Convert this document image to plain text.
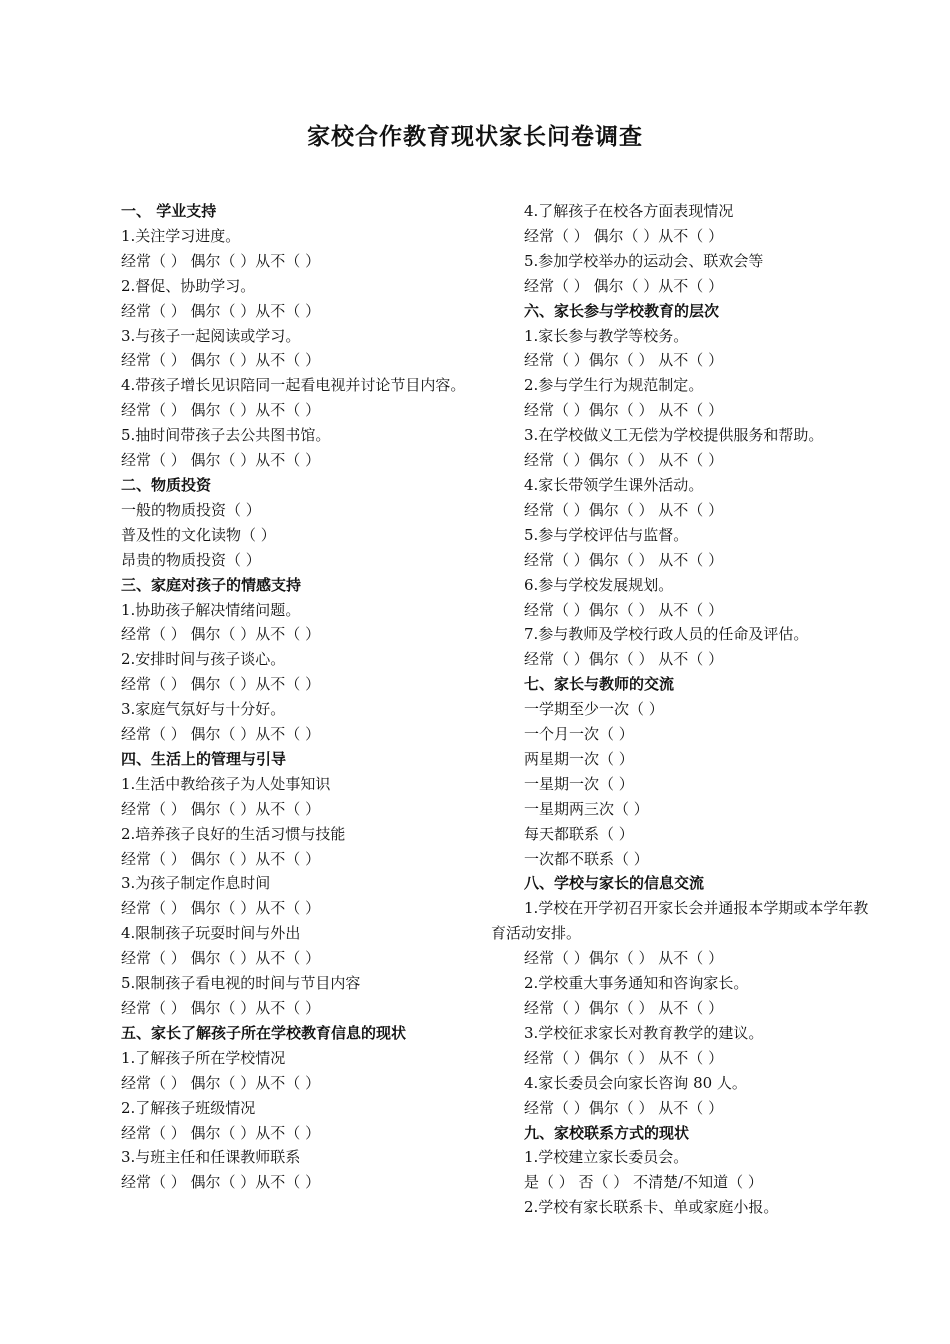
家校合作教育现状家长问卷调查
一、 学业支持
1.关注学习进度。
经常（ ） 偶尔（ ）从不（ ）
2.督促、协助学习。
经常（ ） 偶尔（ ）从不（ ）
3.与孩子一起阅读或学习。
经常（ ） 偶尔（ ）从不（ ）
4.带孩子增长见识陪同一起看电视并讨论节目内容。
经常（ ） 偶尔（ ）从不（ ）
5.抽时间带孩子去公共图书馆。
经常（ ） 偶尔（ ）从不（ ）
二、物质投资
一般的物质投资（ ）
普及性的文化读物（ ）
昂贵的物质投资（ ）
三、家庭对孩子的情感支持
1.协助孩子解决情绪问题。
经常（ ） 偶尔（ ）从不（ ）
2.安排时间与孩子谈心。
经常（ ） 偶尔（ ）从不（ ）
3.家庭气氛好与十分好。
经常（ ） 偶尔（ ）从不（ ）
四、生活上的管理与引导
1.生活中教给孩子为人处事知识
经常（ ） 偶尔（ ）从不（ ）
2.培养孩子良好的生活习惯与技能
经常（ ） 偶尔（ ）从不（ ）
3.为孩子制定作息时间
经常（ ） 偶尔（ ）从不（ ）
4.限制孩子玩耍时间与外出
经常（ ） 偶尔（ ）从不（ ）
5.限制孩子看电视的时间与节目内容
经常（ ） 偶尔（ ）从不（ ）
五、家长了解孩子所在学校教育信息的现状
1.了解孩子所在学校情况
经常（ ） 偶尔（ ）从不（ ）
2.了解孩子班级情况
经常（ ） 偶尔（ ）从不（ ）
3.与班主任和任课教师联系
经常（ ） 偶尔（ ）从不（ ）
4.了解孩子在校各方面表现情况
经常（ ） 偶尔（ ）从不（ ）
5.参加学校举办的运动会、联欢会等
经常（ ） 偶尔（ ）从不（ ）
六、家长参与学校教育的层次
1.家长参与教学等校务。
经常（ ）偶尔（ ） 从不（ ）
2.参与学生行为规范制定。
经常（ ）偶尔（ ） 从不（ ）
3.在学校做义工无偿为学校提供服务和帮助。
经常（ ）偶尔（ ） 从不（ ）
4.家长带领学生课外活动。
经常（ ）偶尔（ ） 从不（ ）
5.参与学校评估与监督。
经常（ ）偶尔（ ） 从不（ ）
6.参与学校发展规划。
经常（ ）偶尔（ ） 从不（ ）
7.参与教师及学校行政人员的任命及评估。
经常（ ）偶尔（ ） 从不（ ）
七、家长与教师的交流
一学期至少一次（ ）
一个月一次（ ）
两星期一次（ ）
一星期一次（ ）
一星期两三次（ ）
每天都联系（ ）
一次都不联系（ ）
八、学校与家长的信息交流
1.学校在开学初召开家长会并通报本学期或本学年教育活动安排。
经常（ ）偶尔（ ） 从不（ ）
2.学校重大事务通知和咨询家长。
经常（ ）偶尔（ ） 从不（ ）
3.学校征求家长对教育教学的建议。
经常（ ）偶尔（ ） 从不（ ）
4.家长委员会向家长咨询 80 人。
经常（ ）偶尔（ ） 从不（ ）
九、家校联系方式的现状
1.学校建立家长委员会。
是（ ） 否（ ） 不清楚/不知道（ ）
2.学校有家长联系卡、单或家庭小报。
